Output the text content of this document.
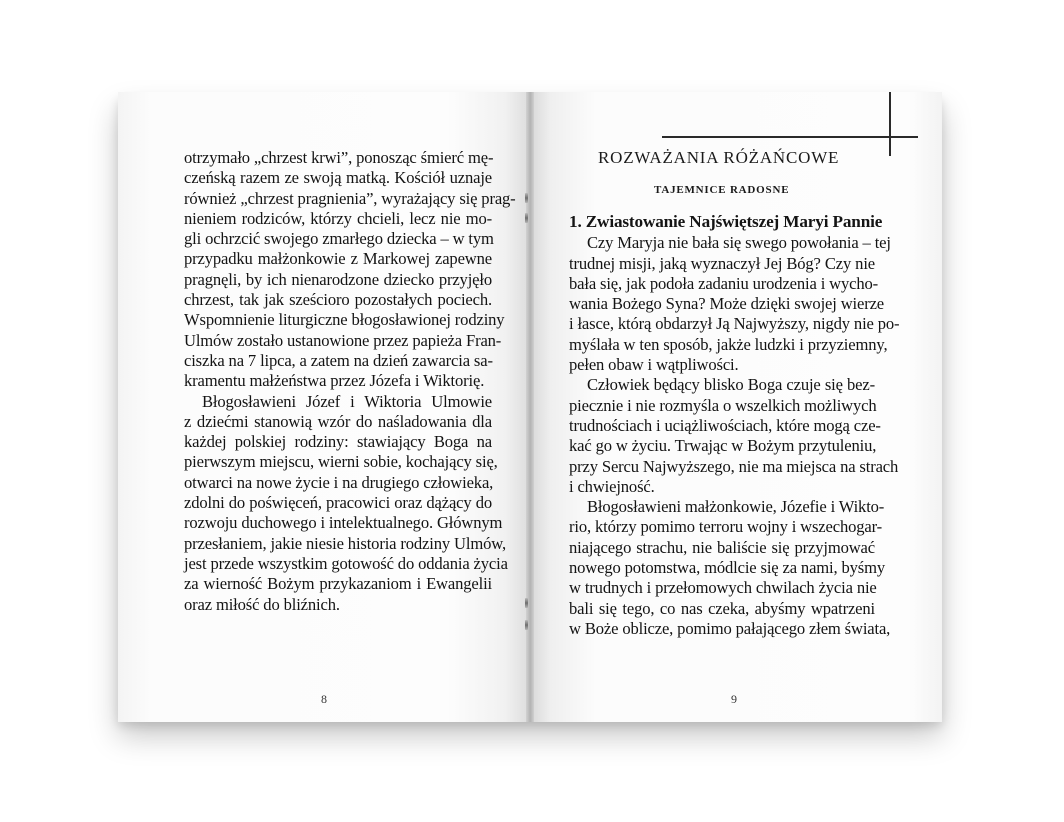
otrzymało „chrzest krwi”, ponosząc śmierć mę-
czeńską razem ze swoją matką. Kościół uznaje
również „chrzest pragnienia”, wyrażający się prag-
nieniem rodziców, którzy chcieli, lecz nie mo-
gli ochrzcić swojego zmarłego dziecka – w tym
przypadku małżonkowie z Markowej zapewne
pragnęli, by ich nienarodzone dziecko przyjęło
chrzest, tak jak sześcioro pozostałych pociech.
Wspomnienie liturgiczne błogosławionej rodziny
Ulmów zostało ustanowione przez papieża Fran-
ciszka na 7 lipca, a zatem na dzień zawarcia sa-
kramentu małżeństwa przez Józefa i Wiktorię.
Błogosławieni Józef i Wiktoria Ulmowie
z dziećmi stanowią wzór do naśladowania dla
każdej polskiej rodziny: stawiający Boga na
pierwszym miejscu, wierni sobie, kochający się,
otwarci na nowe życie i na drugiego człowieka,
zdolni do poświęceń, pracowici oraz dążący do
rozwoju duchowego i intelektualnego. Głównym
przesłaniem, jakie niesie historia rodziny Ulmów,
jest przede wszystkim gotowość do oddania życia
za wierność Bożym przykazaniom i Ewangelii
oraz miłość do bliźnich.
8
ROZWAŻANIA RÓŻAŃCOWE
TAJEMNICE RADOSNE
1. Zwiastowanie Najświętszej Maryi Pannie
Czy Maryja nie bała się swego powołania – tej
trudnej misji, jaką wyznaczył Jej Bóg? Czy nie
bała się, jak podoła zadaniu urodzenia i wycho-
wania Bożego Syna? Może dzięki swojej wierze
i łasce, którą obdarzył Ją Najwyższy, nigdy nie po-
myślała w ten sposób, jakże ludzki i przyziemny,
pełen obaw i wątpliwości.
Człowiek będący blisko Boga czuje się bez-
piecznie i nie rozmyśla o wszelkich możliwych
trudnościach i uciążliwościach, które mogą cze-
kać go w życiu. Trwając w Bożym przytuleniu,
przy Sercu Najwyższego, nie ma miejsca na strach
i chwiejność.
Błogosławieni małżonkowie, Józefie i Wikto-
rio, którzy pomimo terroru wojny i wszechogar-
niającego strachu, nie baliście się przyjmować
nowego potomstwa, módlcie się za nami, byśmy
w trudnych i przełomowych chwilach życia nie
bali się tego, co nas czeka, abyśmy wpatrzeni
w Boże oblicze, pomimo pałającego złem świata,
9
